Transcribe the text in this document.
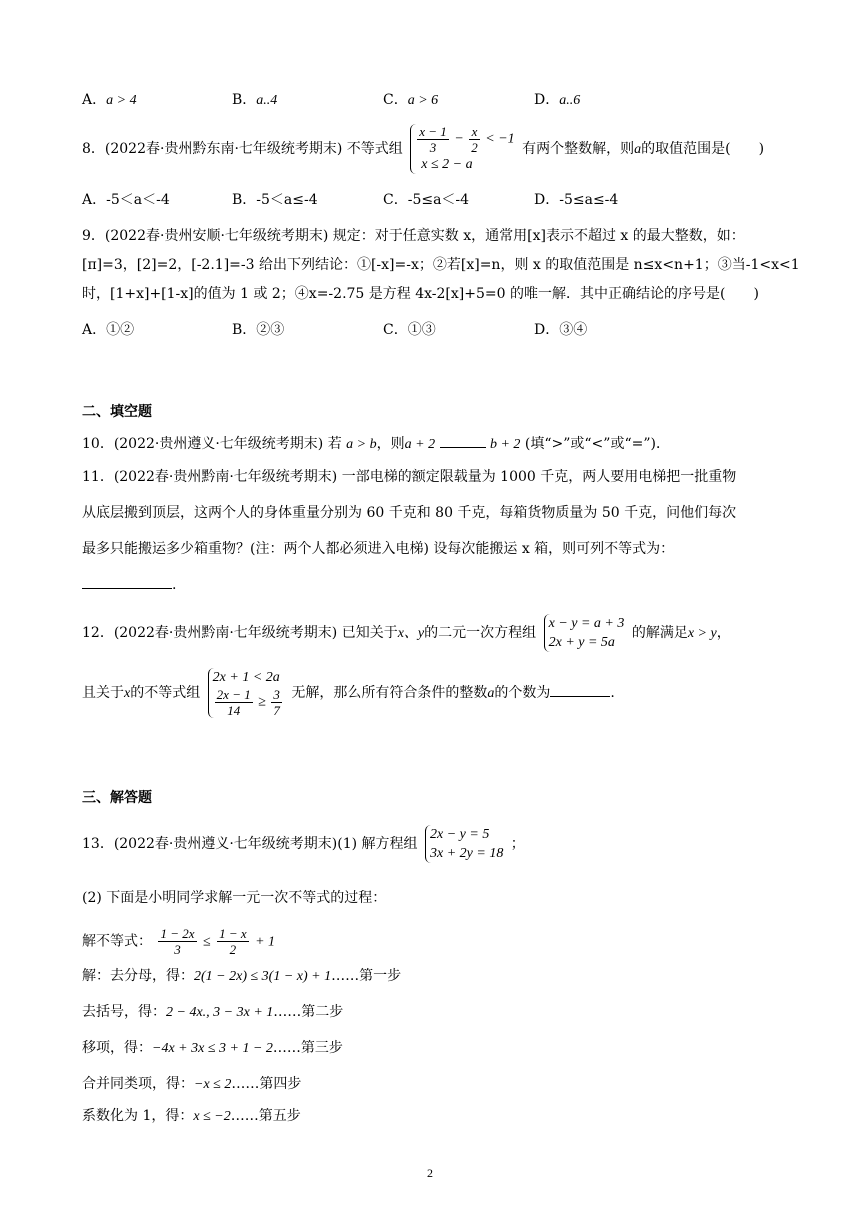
A．a > 4	B．a..4	C．a > 6	D．a..6
8．(2022春·贵州黔东南·七年级统考期末) 不等式组 $\frac{x - 1}{3} - \frac{x}{2} < -1$
x ≤ 2 − a
有两个整数解，则a的取值范围是(　　)
A．-5＜a＜-4	B．-5＜a≤-4	C．-5≤a＜-4	D．-5≤a≤-4
9．(2022春·贵州安顺·七年级统考期末) 规定：对于任意实数 x，通常用[x]表示不超过 x 的最大整数，如：
[π]=3，[2]=2，[-2.1]=-3 给出下列结论：①[-x]=-x；②若[x]=n，则 x 的取值范围是 n≤x<n+1；③当-1<x<1
时，[1+x]+[1-x]的值为 1 或 2；④x=-2.75 是方程 4x-2[x]+5=0 的唯一解．其中正确结论的序号是(　　)
A．①②	B．②③	C．①③	D．③④
二、填空题
10．(2022·贵州遵义·七年级统考期末) 若 a > b，则a + 2	b + 2 (填“>”或“<”或“=”)．
11．(2022春·贵州黔南·七年级统考期末) 一部电梯的额定限载量为 1000 千克，两人要用电梯把一批重物
从底层搬到顶层，这两个人的身体重量分别为 60 千克和 80 千克，每箱货物质量为 50 千克，问他们每次
最多只能搬运多少箱重物？(注：两个人都必须进入电梯) 设每次能搬运 x 箱，则可列不等式为：
.
12．(2022春·贵州黔南·七年级统考期末) 已知关于x、y的二元一次方程组
x − y = a + 3
2x + y = 5a
的解满足x > y，
且关于x的不等式组
2x + 1 < 2a
$\frac{2x - 1}{14} \ge \frac{3}{7}$ 无解，那么所有符合条件的整数a的个数为	.
三、解答题
13．(2022春·贵州遵义·七年级统考期末)(1) 解方程组
2x − y = 5
3x + 2y = 18
；
(2) 下面是小明同学求解一元一次不等式的过程：
解不等式： $\frac{1 - 2x}{3} \le \frac{1 - x}{2} + 1$
解：去分母，得：2(1 − 2x) ≤ 3(1 − x) + 1……第一步
去括号，得：2 − 4x., 3 − 3x + 1……第二步
移项，得：−4x + 3x ≤ 3 + 1 − 2……第三步
合并同类项，得：−x ≤ 2……第四步
系数化为 1，得：x ≤ −2……第五步
2
